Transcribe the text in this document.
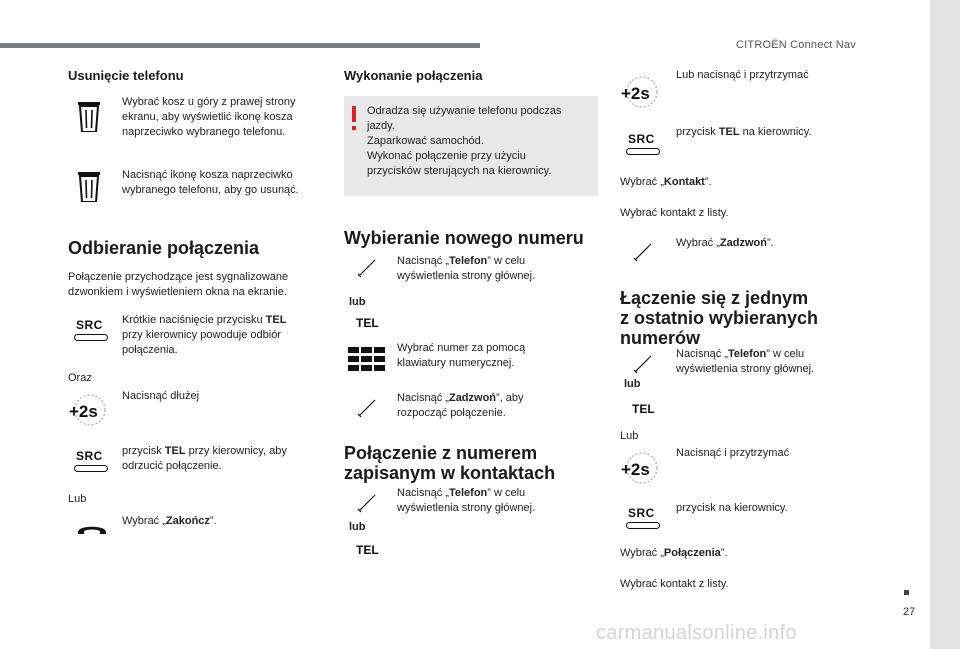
CITROËN Connect Nav
27
carmanualsonline.info
Usunięcie telefonu
Wybrać kosz u góry z prawej strony
ekranu, aby wyświetlić ikonę kosza
naprzeciwko wybranego telefonu.
Nacisnąć ikonę kosza naprzeciwko
wybranego telefonu, aby go usunąć.
Odbieranie połączenia
Połączenie przychodzące jest sygnalizowane
dzwonkiem i wyświetleniem okna na ekranie.
SRC Krótkie naciśnięcie przycisku TEL
przy kierownicy powoduje odbiór
połączenia.
Oraz
+2s
Nacisnąć dłużej
SRC przycisk TEL przy kierownicy, aby
odrzucić połączenie.
Lub
Wybrać „Zakończ”.
Wykonanie połączenia
Odradza się używanie telefonu podczas
jazdy.
Zaparkować samochód.
Wykonać połączenie przy użyciu
przycisków sterujących na kierownicy.
Wybieranie nowego numeru
lub
TEL
Nacisnąć „Telefon” w celu
wyświetlenia strony głównej.
Wybrać numer za pomocą
klawiatury numerycznej.
Nacisnąć „Zadzwoń”, aby
rozpocząć połączenie.
Połączenie z numerem
zapisanym w kontaktach
lub
TEL
Nacisnąć „Telefon” w celu
wyświetlenia strony głównej.
+2s
Lub nacisnąć i przytrzymać
SRC przycisk TEL na kierownicy.
Wybrać „Kontakt”.
Wybrać kontakt z listy.
Wybrać „Zadzwoń”.
Łączenie się z jednym
z ostatnio wybieranych
numerów
lub
TEL
Nacisnąć „Telefon” w celu
wyświetlenia strony głównej.
Lub
+2s
Nacisnąć i przytrzymać
SRC przycisk na kierownicy.
Wybrać „Połączenia”.
Wybrać kontakt z listy.
